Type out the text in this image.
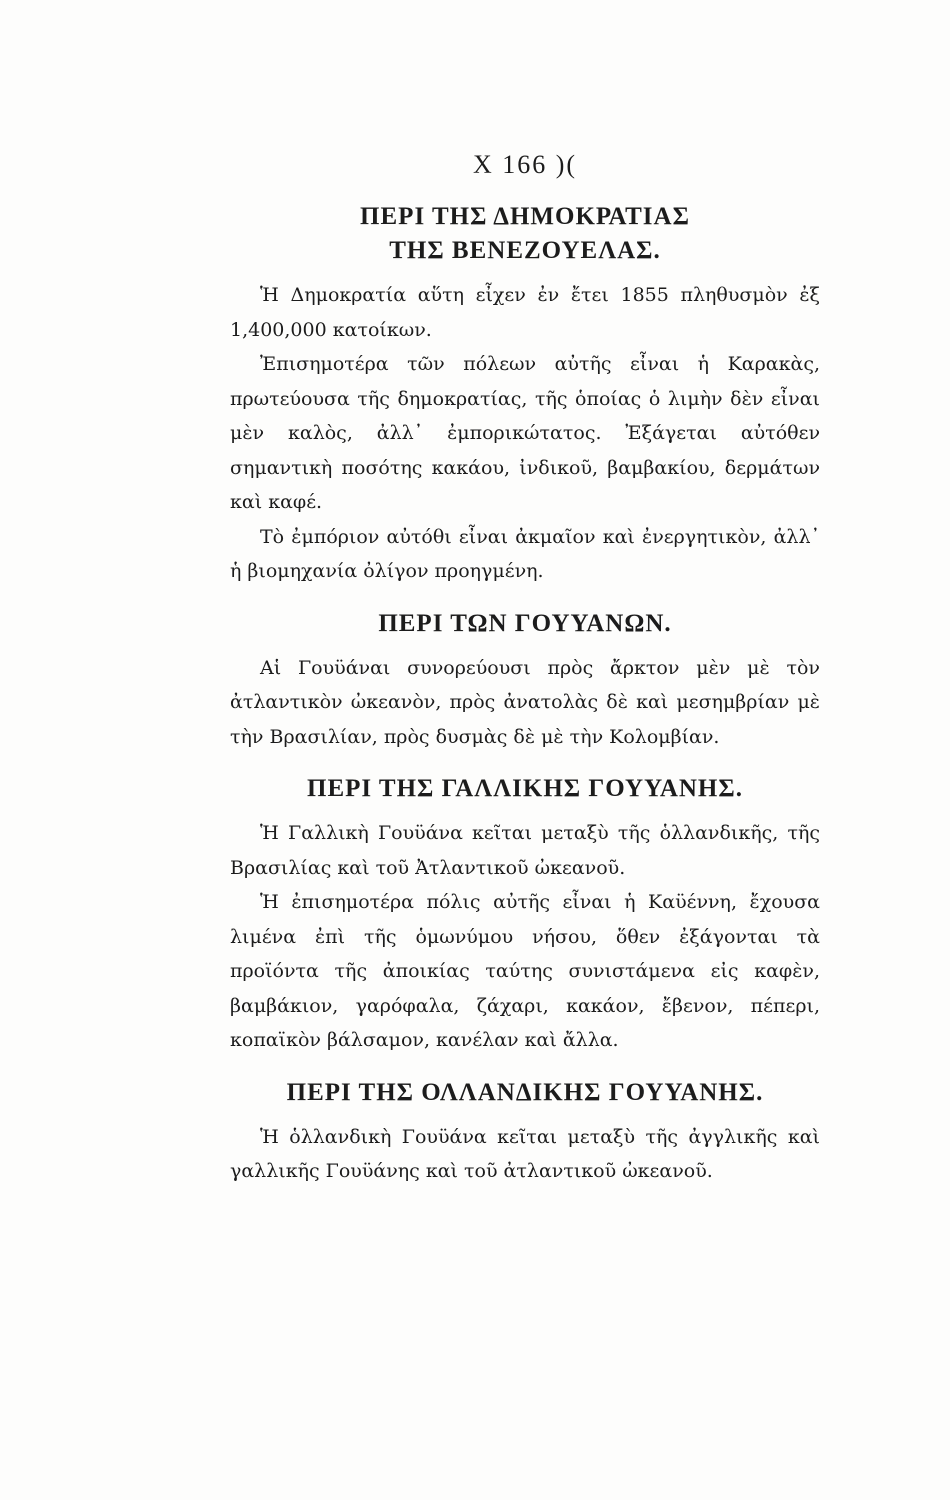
Χ 166 )(
ΠΕΡΙ ΤΗΣ ΔΗΜΟΚΡΑΤΙΑΣ
ΤΗΣ ΒΕΝΕΖΟΥΕΛΑΣ.

Ἡ Δημοκρατία αὕτη εἶχεν ἐν ἔτει 1855 πληθυσμὸν ἐξ 1,400,000 κατοίκων.

Ἐπισημοτέρα τῶν πόλεων αὐτῆς εἶναι ἡ Καρακὰς, πρωτεύουσα τῆς δημοκρατίας, τῆς ὁποίας ὁ λιμὴν δὲν εἶναι μὲν καλὸς, ἀλλ᾽ ἐμπορικώτατος. Ἐξάγεται αὐτόθεν σημαντικὴ ποσότης κακάου, ἰνδικοῦ, βαμβακίου, δερμάτων καὶ καφέ.

Τὸ ἐμπόριον αὐτόθι εἶναι ἀκμαῖον καὶ ἐνεργητικὸν, ἀλλ᾽ ἡ βιομηχανία ὀλίγον προηγμένη.

ΠΕΡΙ ΤΩΝ ΓΟΥΥΑΝΩΝ.

Αἱ Γουϋάναι συνορεύουσι πρὸς ἄρκτον μὲν μὲ τὸν ἀτλαντικὸν ὠκεανὸν, πρὸς ἀνατολὰς δὲ καὶ μεσημβρίαν μὲ τὴν Βρασιλίαν, πρὸς δυσμὰς δὲ μὲ τὴν Κολομβίαν.

ΠΕΡΙ ΤΗΣ ΓΑΛΛΙΚΗΣ ΓΟΥΥΑΝΗΣ.

Ἡ Γαλλικὴ Γουϋάνα κεῖται μεταξὺ τῆς ὁλλανδικῆς, τῆς Βρασιλίας καὶ τοῦ Ἀτλαντικοῦ ὠκεανοῦ.

Ἡ ἐπισημοτέρα πόλις αὐτῆς εἶναι ἡ Καϋέννη, ἔχουσα λιμένα ἐπὶ τῆς ὁμωνύμου νήσου, ὅθεν ἐξάγονται τὰ προϊόντα τῆς ἀποικίας ταύτης συνιστάμενα εἰς καφὲν, βαμβάκιον, γαρόφαλα, ζάχαρι, κακάον, ἔβενον, πέπερι, κοπαϊκὸν βάλσαμον, κανέλαν καὶ ἄλλα.

ΠΕΡΙ ΤΗΣ ΟΛΛΑΝΔΙΚΗΣ ΓΟΥΥΑΝΗΣ.

Ἡ ὁλλανδικὴ Γουϋάνα κεῖται μεταξὺ τῆς ἀγγλικῆς καὶ γαλλικῆς Γουϋάνης καὶ τοῦ ἀτλαντικοῦ ὠκεανοῦ.
